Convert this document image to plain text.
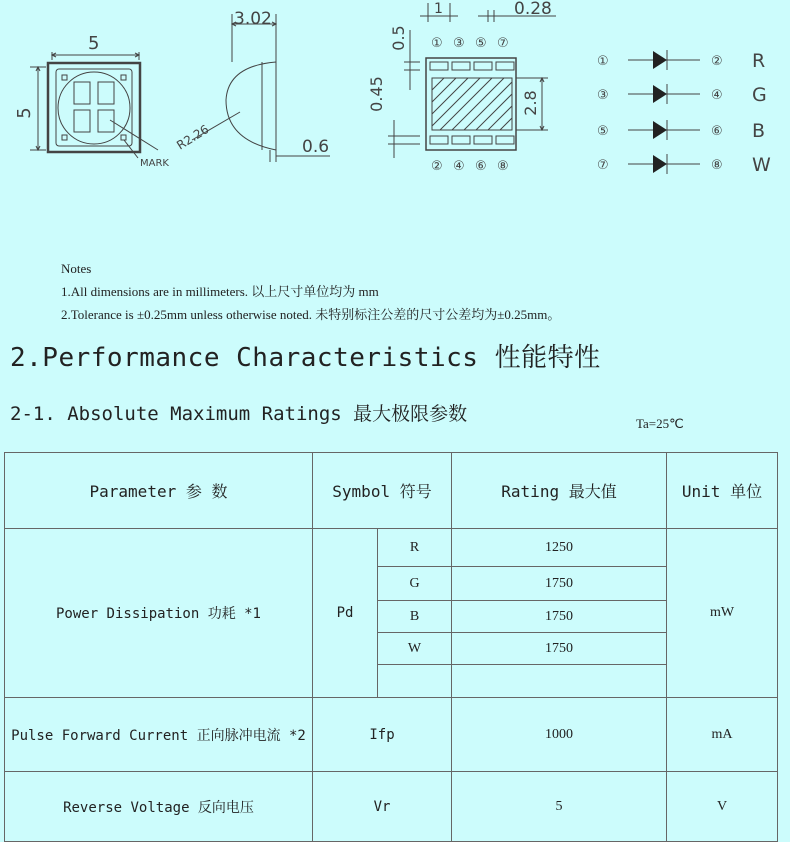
5
5
MARK
R2.26
3.02
0.6
1	0.28
0.5
0.45	2.8
① ③ ⑤ ⑦
② ④ ⑥ ⑧
①	② R
③	④ G
⑤	⑥ B
⑦	⑧ W
Notes
1.All dimensions are in millimeters. 以上尺寸单位均为 mm
2.Tolerance is ±0.25mm unless otherwise noted. 未特别标注公差的尺寸公差均为±0.25mm。
2.Performance Characteristics 性能特性
2-1. Absolute Maximum Ratings 最大极限参数	Ta=25℃
Parameter 参 数	Symbol 符号		Rating 最大值	Unit 单位
Power Dissipation 功耗 *1	Pd	R	1250	mW
		G	1750	
		B	1750	
		W	1750	

Pulse Forward Current 正向脉冲电流 *2	Ifp		1000	mA
Reverse Voltage 反向电压	Vr		5	V
